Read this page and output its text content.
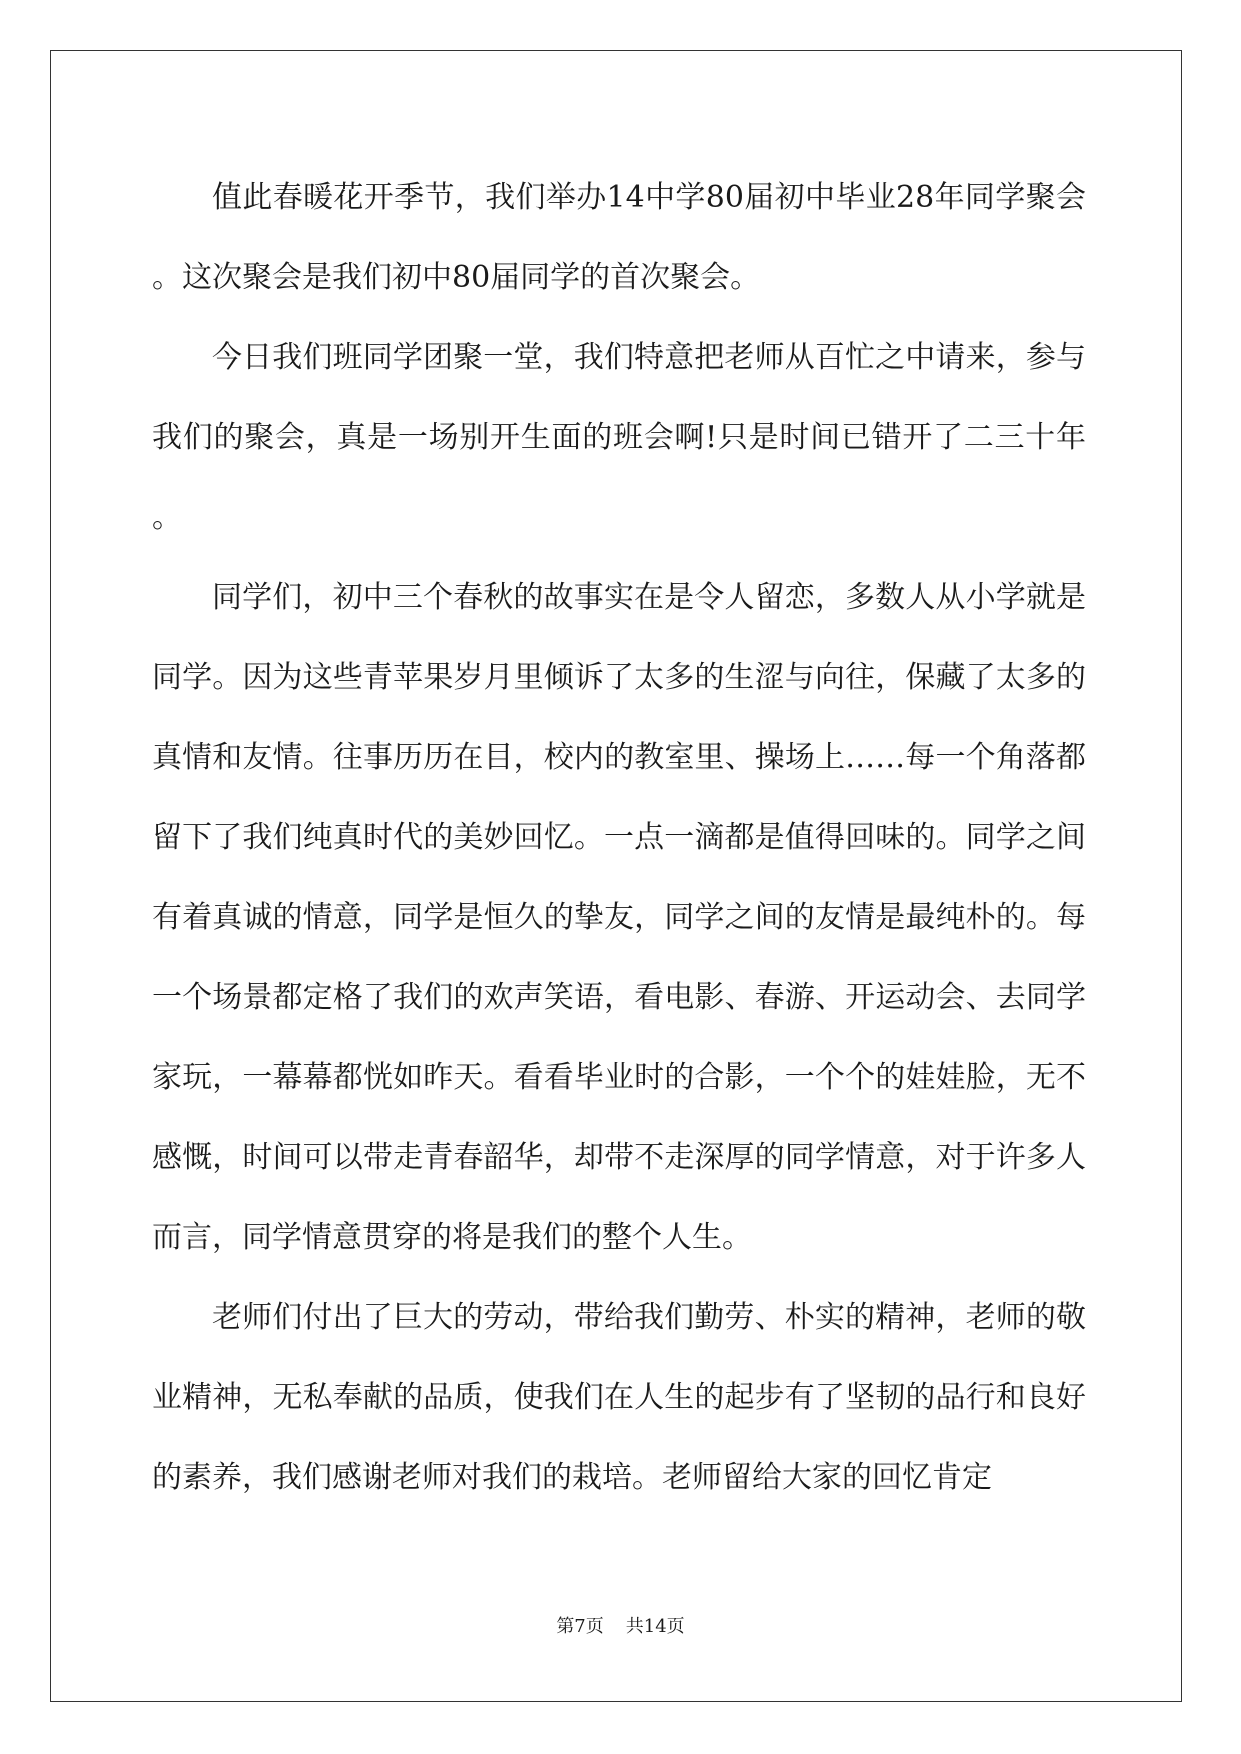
值此春暖花开季节，我们举办14中学80届初中毕业28年同学聚会。这次聚会是我们初中80届同学的首次聚会。

今日我们班同学团聚一堂，我们特意把老师从百忙之中请来，参与我们的聚会，真是一场别开生面的班会啊!只是时间已错开了二三十年。

同学们，初中三个春秋的故事实在是令人留恋，多数人从小学就是同学。因为这些青苹果岁月里倾诉了太多的生涩与向往，保藏了太多的真情和友情。往事历历在目，校内的教室里、操场上……每一个角落都留下了我们纯真时代的美妙回忆。一点一滴都是值得回味的。同学之间有着真诚的情意，同学是恒久的挚友，同学之间的友情是最纯朴的。每一个场景都定格了我们的欢声笑语，看电影、春游、开运动会、去同学家玩，一幕幕都恍如昨天。看看毕业时的合影，一个个的娃娃脸，无不感慨，时间可以带走青春韶华，却带不走深厚的同学情意，对于许多人而言，同学情意贯穿的将是我们的整个人生。

老师们付出了巨大的劳动，带给我们勤劳、朴实的精神，老师的敬业精神，无私奉献的品质，使我们在人生的起步有了坚韧的品行和良好的素养，我们感谢老师对我们的栽培。老师留给大家的回忆肯定

第7页 共14页
